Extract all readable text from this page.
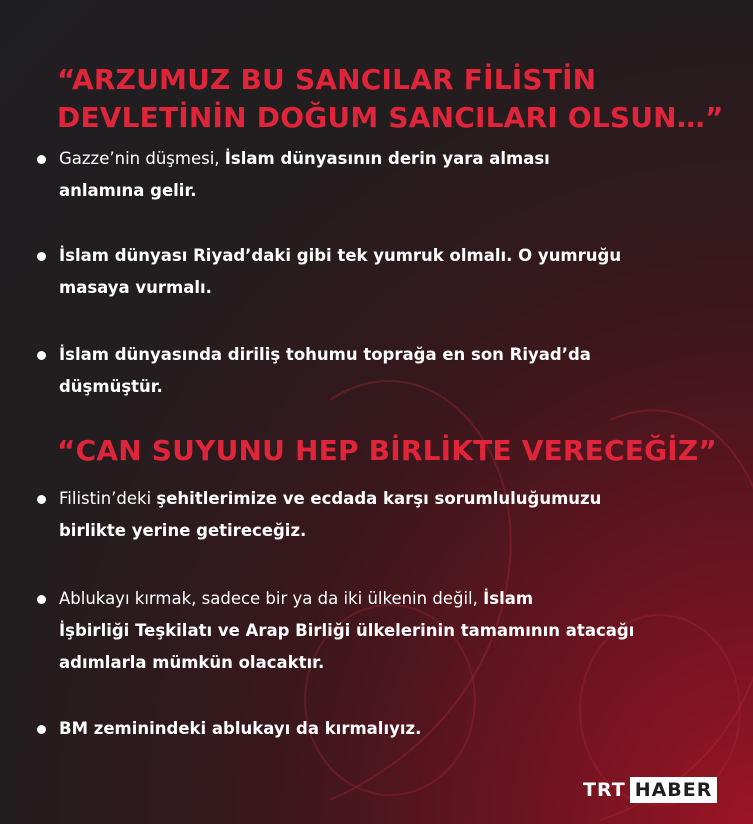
“ARZUMUZ BU SANCILAR FİLİSTİN
DEVLETİNİN DOĞUM SANCILARI OLSUN…”

Gazze’nin düşmesi, İslam dünyasının derin yara alması

anlamına gelir.

İslam dünyası Riyad’daki gibi tek yumruk olmalı. O yumruğu

masaya vurmalı.

İslam dünyasında diriliş tohumu toprağa en son Riyad’da

düşmüştür.

“CAN SUYUNU HEP BİRLİKTE VERECEĞİZ”

Filistin’deki şehitlerimize ve ecdada karşı sorumluluğumuzu

birlikte yerine getireceğiz.

Ablukayı kırmak, sadece bir ya da iki ülkenin değil, İslam

İşbirliği Teşkilatı ve Arap Birliği ülkelerinin tamamının atacağı

adımlarla mümkün olacaktır.

BM zeminindeki ablukayı da kırmalıyız.

TRT HABER
